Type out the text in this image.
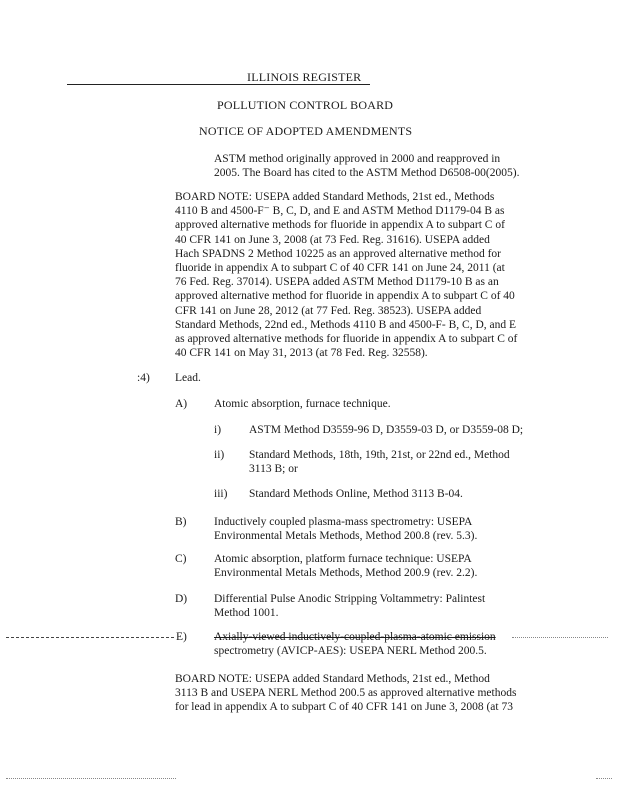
ILLINOIS REGISTER
POLLUTION CONTROL BOARD
NOTICE OF ADOPTED AMENDMENTS
ASTM method originally approved in 2000 and reapproved in
2005. The Board has cited to the ASTM Method D6508-00(2005).
BOARD NOTE: USEPA added Standard Methods, 21st ed., Methods
4110 B and 4500-F⁻ B, C, D, and E and ASTM Method D1179-04 B as
approved alternative methods for fluoride in appendix A to subpart C of
40 CFR 141 on June 3, 2008 (at 73 Fed. Reg. 31616). USEPA added
Hach SPADNS 2 Method 10225 as an approved alternative method for
fluoride in appendix A to subpart C of 40 CFR 141 on June 24, 2011 (at
76 Fed. Reg. 37014). USEPA added ASTM Method D1179-10 B as an
approved alternative method for fluoride in appendix A to subpart C of 40
CFR 141 on June 28, 2012 (at 77 Fed. Reg. 38523). USEPA added
Standard Methods, 22nd ed., Methods 4110 B and 4500-F- B, C, D, and E
as approved alternative methods for fluoride in appendix A to subpart C of
40 CFR 141 on May 31, 2013 (at 78 Fed. Reg. 32558).
:4) Lead.
A) Atomic absorption, furnace technique.
i) ASTM Method D3559-96 D, D3559-03 D, or D3559-08 D;
ii) Standard Methods, 18th, 19th, 21st, or 22nd ed., Method
3113 B; or
iii) Standard Methods Online, Method 3113 B-04.
B) Inductively coupled plasma-mass spectrometry: USEPA
Environmental Metals Methods, Method 200.8 (rev. 5.3).
C) Atomic absorption, platform furnace technique: USEPA
Environmental Metals Methods, Method 200.9 (rev. 2.2).
D) Differential Pulse Anodic Stripping Voltammetry: Palintest
Method 1001.
E) Axially-viewed inductively-coupled-plasma-atomic emission
spectrometry (AVICP-AES): USEPA NERL Method 200.5.
BOARD NOTE: USEPA added Standard Methods, 21st ed., Method
3113 B and USEPA NERL Method 200.5 as approved alternative methods
for lead in appendix A to subpart C of 40 CFR 141 on June 3, 2008 (at 73
